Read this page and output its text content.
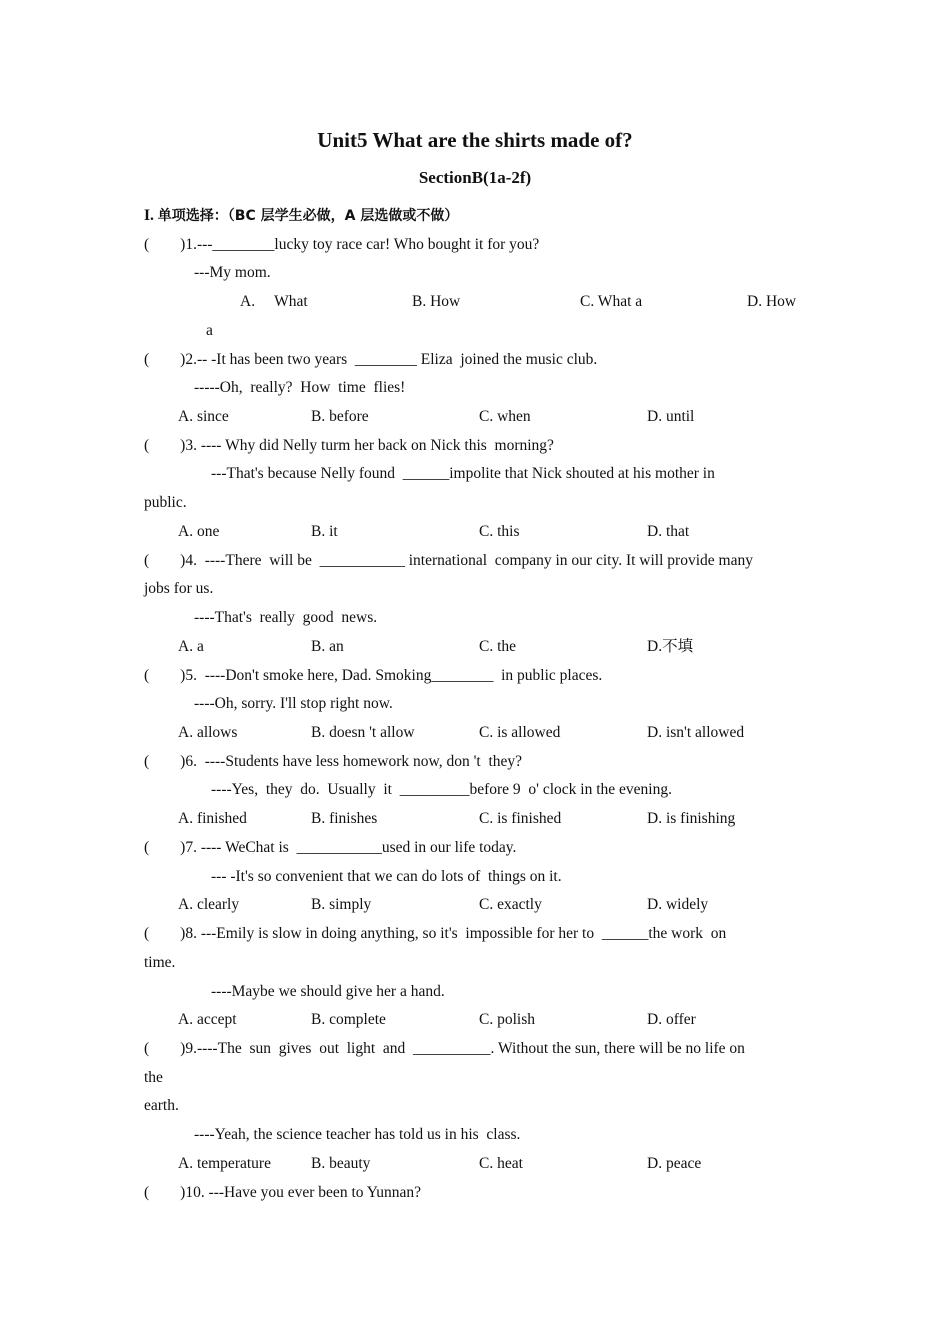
Unit5 What are the shirts made of?
SectionB(1a-2f)
I. 单项选择：（BC 层学生必做，A 层选做或不做）
(        )1.---________lucky toy race car! Who bought it for you?
---My mom.
A.     What	B. How	C. What a	D. How
a
(        )2.-- -It has been two years  ________ Eliza  joined the music club.
-----Oh,  really?  How  time  flies!
A. since	B. before	C. when	D. until
(        )3. ---- Why did Nelly turm her back on Nick this  morning?
---That's because Nelly found  ______impolite that Nick shouted at his mother in
public.
A. one	B. it	C. this	D. that
(        )4.  ----There  will be  ___________ international  company in our city. It will provide many
jobs for us.
----That's  really  good  news.
A. a	B. an	C. the	D.不填
(        )5.  ----Don't smoke here, Dad. Smoking________  in public places.
----Oh, sorry. I'll stop right now.
A. allows	B. doesn 't allow	C. is allowed	D. isn't allowed
(        )6.  ----Students have less homework now, don 't  they?
----Yes,  they  do.  Usually  it  _________before 9  o' clock in the evening.
A. finished	B. finishes	C. is finished	D. is finishing
(        )7. ---- WeChat is  ___________used in our life today.
--- -It's so convenient that we can do lots of  things on it.
A. clearly	B. simply	C. exactly	D. widely
(        )8. ---Emily is slow in doing anything, so it's  impossible for her to  ______the work  on
time.
----Maybe we should give her a hand.
A. accept	B. complete	C. polish	D. offer
(        )9.----The  sun  gives  out  light  and  __________. Without the sun, there will be no life on
the
earth.
----Yeah, the science teacher has told us in his  class.
A. temperature	B. beauty	C. heat	D. peace
(        )10. ---Have you ever been to Yunnan?
